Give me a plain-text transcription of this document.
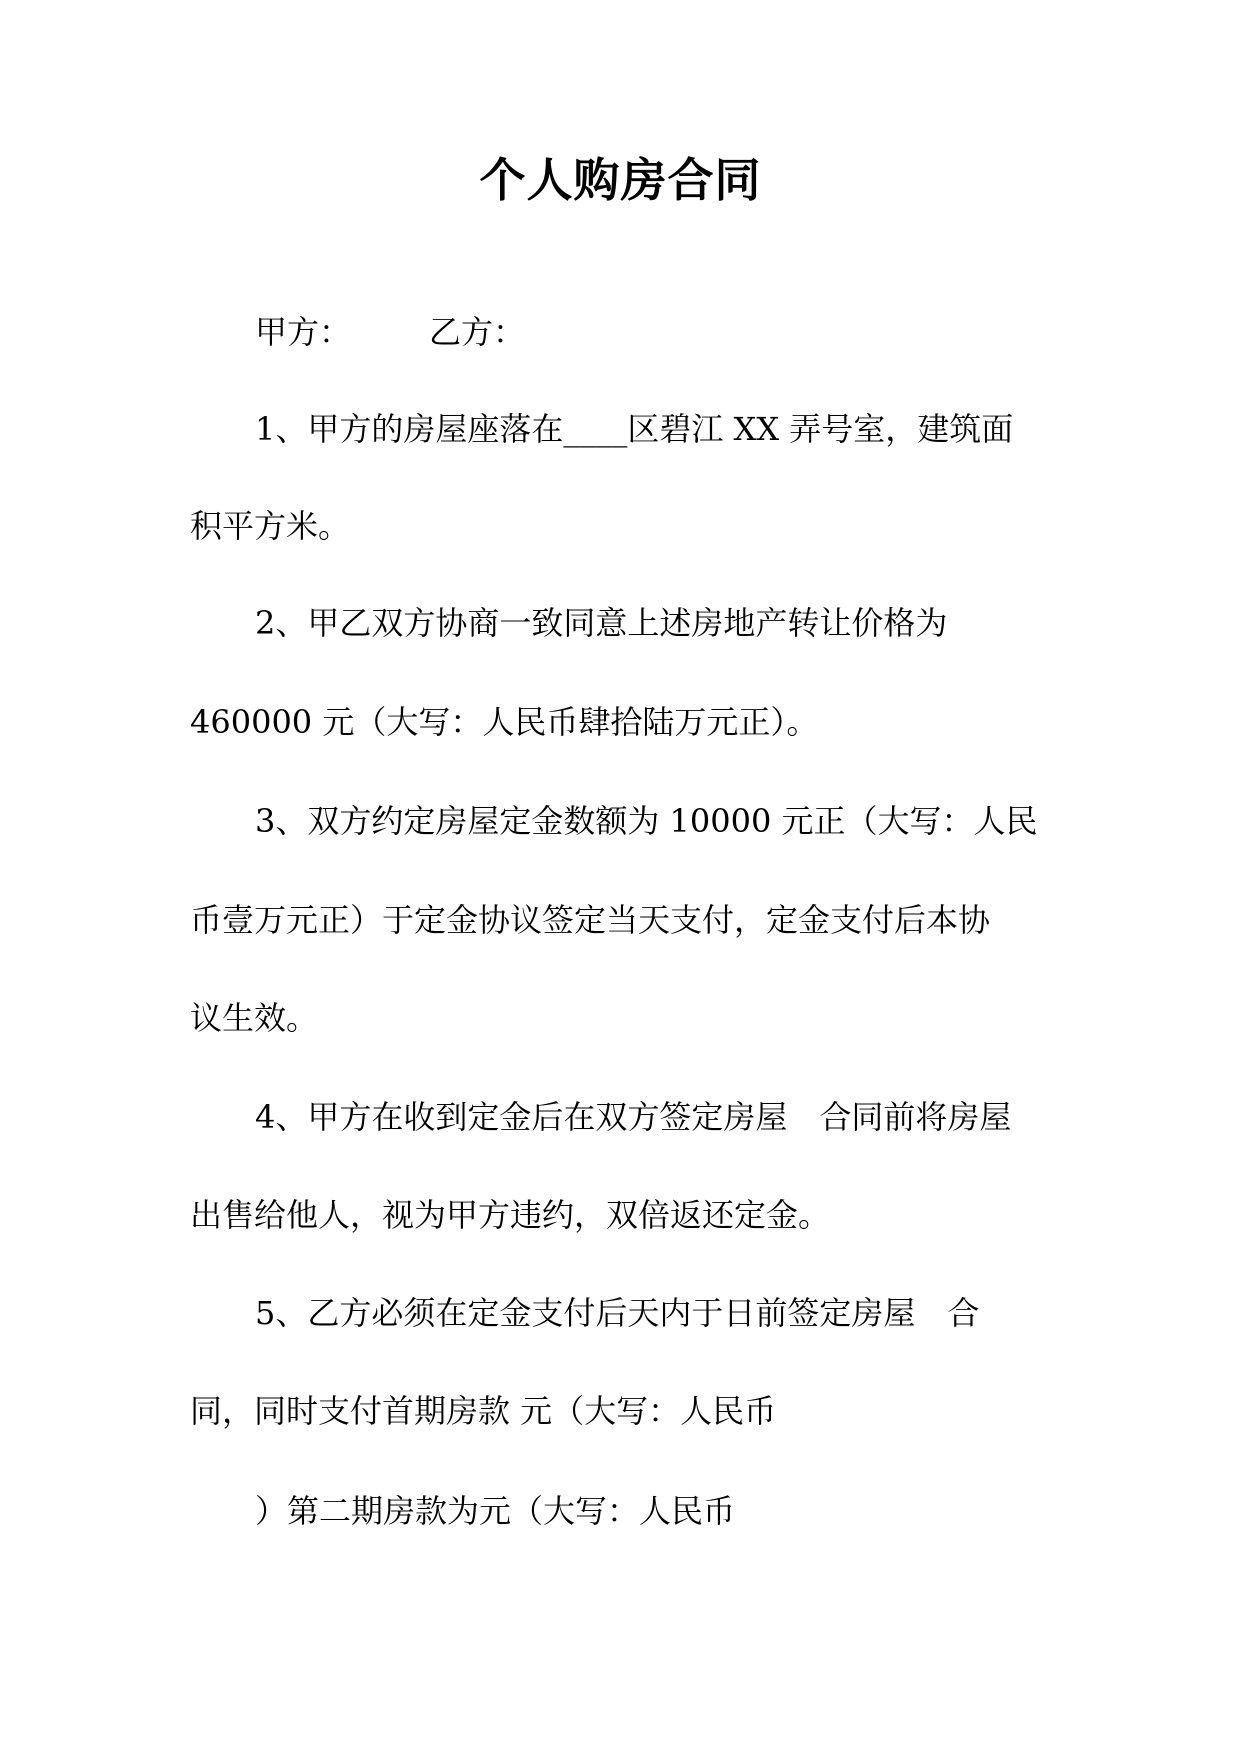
个人购房合同
甲方： 乙方：
1、甲方的房屋座落在____区碧江 XX 弄号室，建筑面
积平方米。
2、甲乙双方协商一致同意上述房地产转让价格为
460000 元（大写：人民币肆拾陆万元正）。
3、双方约定房屋定金数额为 10000 元正（大写：人民
币壹万元正）于定金协议签定当天支付，定金支付后本协
议生效。
4、甲方在收到定金后在双方签定房屋　合同前将房屋
出售给他人，视为甲方违约，双倍返还定金。
5、乙方必须在定金支付后天内于日前签定房屋　合
同，同时支付首期房款 元（大写：人民币
）第二期房款为元（大写：人民币
